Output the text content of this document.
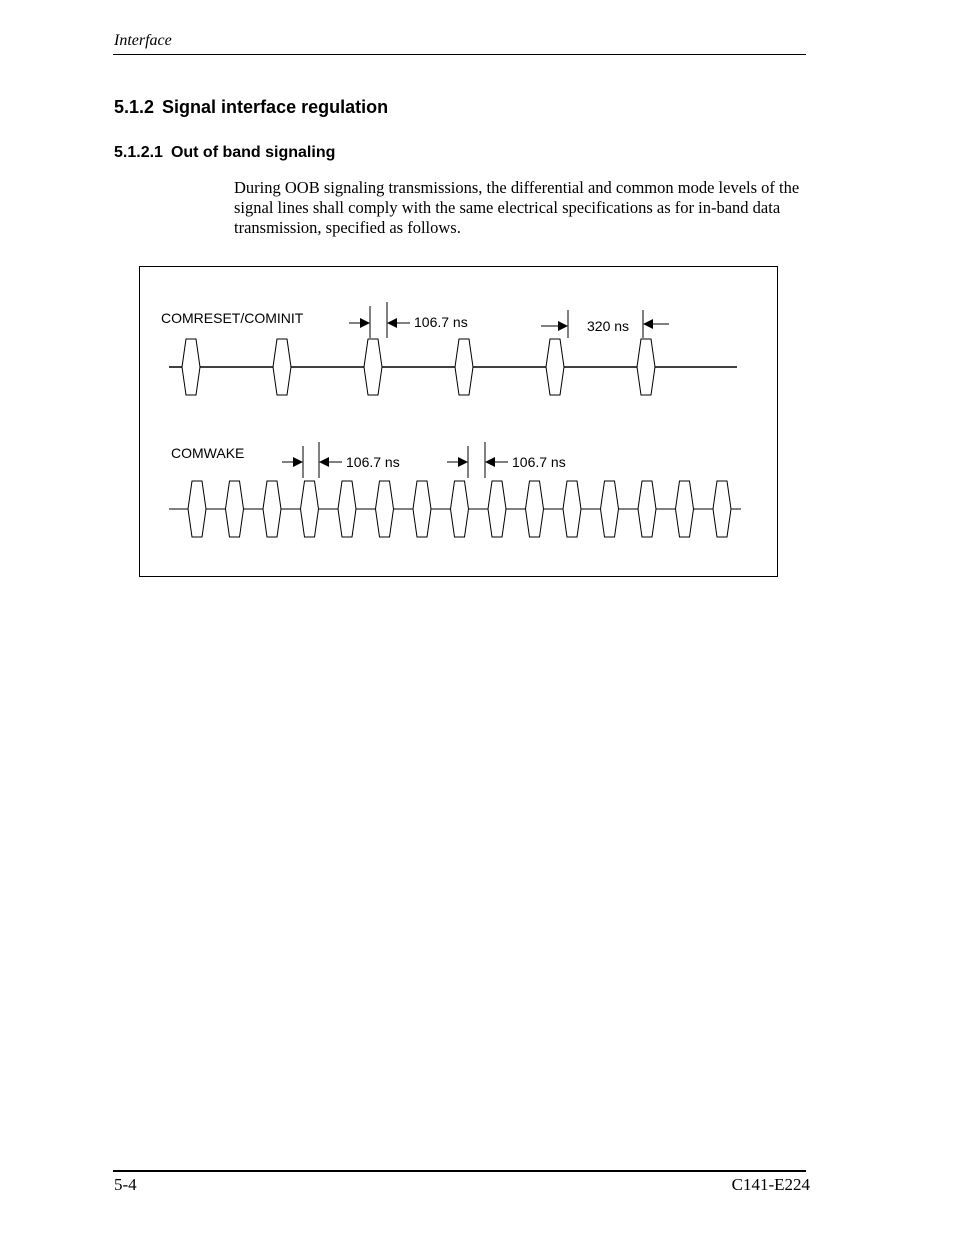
Interface
5.1.2 Signal interface regulation
5.1.2.1 Out of band signaling
During OOB signaling transmissions, the differential and common mode levels of the signal lines shall comply with the same electrical specifications as for in-band data transmission, specified as follows.
COMRESET/COMINIT	106.7 ns	320 ns
COMWAKE
106.7 ns	106.7 ns
5-4	C141-E224
